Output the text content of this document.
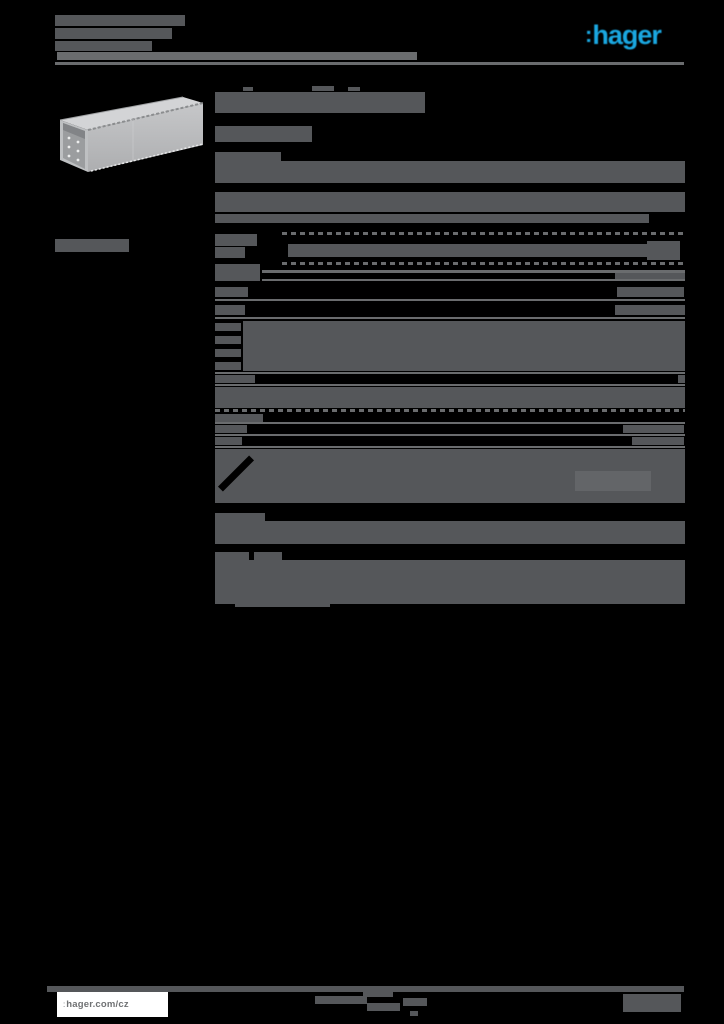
:hager
: hager.com/cz
